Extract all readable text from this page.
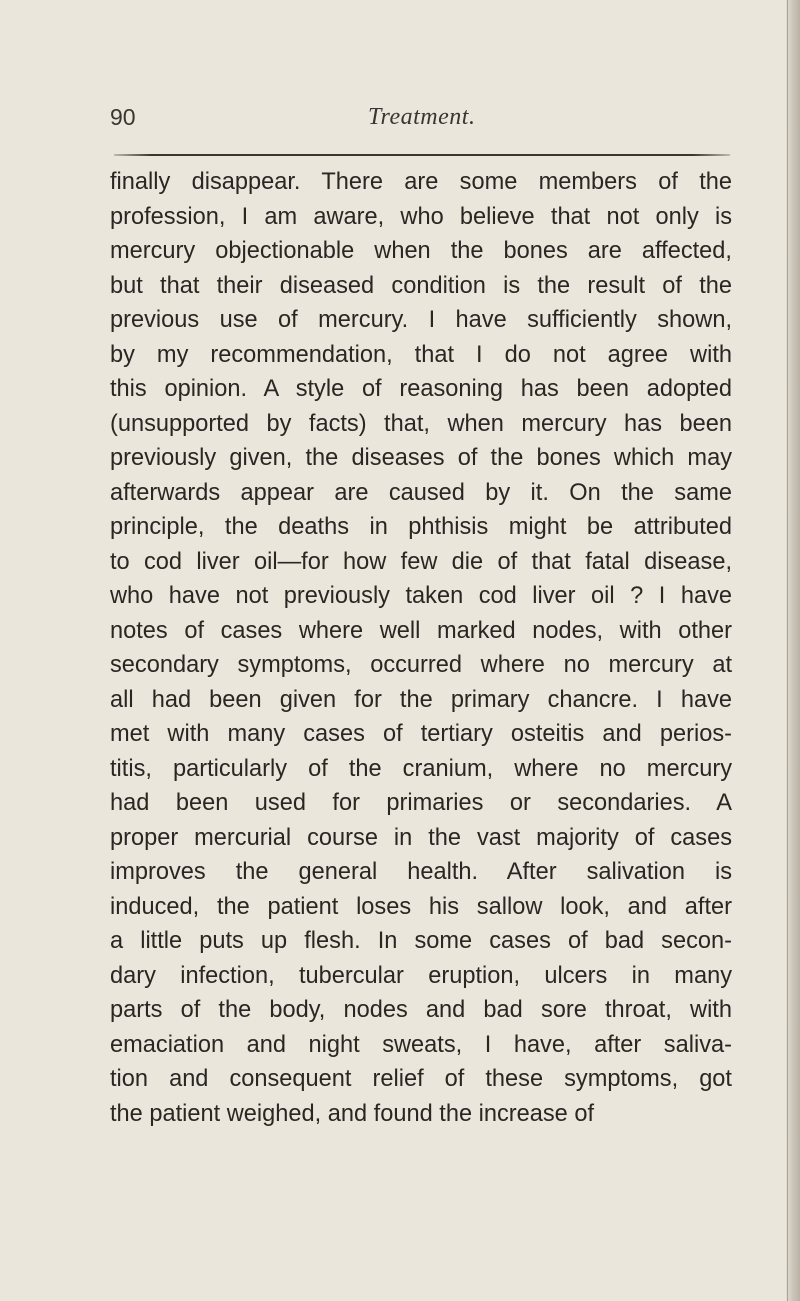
90	Treatment.
finally disappear. There are some members of the
profession, I am aware, who believe that not only is
mercury objectionable when the bones are affected,
but that their diseased condition is the result of the
previous use of mercury. I have sufficiently shown,
by my recommendation, that I do not agree with
this opinion. A style of reasoning has been adopted
(unsupported by facts) that, when mercury has been
previously given, the diseases of the bones which may
afterwards appear are caused by it. On the same
principle, the deaths in phthisis might be attributed
to cod liver oil—for how few die of that fatal disease,
who have not previously taken cod liver oil ? I have
notes of cases where well marked nodes, with other
secondary symptoms, occurred where no mercury at
all had been given for the primary chancre. I have
met with many cases of tertiary osteitis and perios-
titis, particularly of the cranium, where no mercury
had been used for primaries or secondaries. A
proper mercurial course in the vast majority of cases
improves the general health. After salivation is
induced, the patient loses his sallow look, and after
a little puts up flesh. In some cases of bad secon-
dary infection, tubercular eruption, ulcers in many
parts of the body, nodes and bad sore throat, with
emaciation and night sweats, I have, after saliva-
tion and consequent relief of these symptoms, got
the patient weighed, and found the increase of
